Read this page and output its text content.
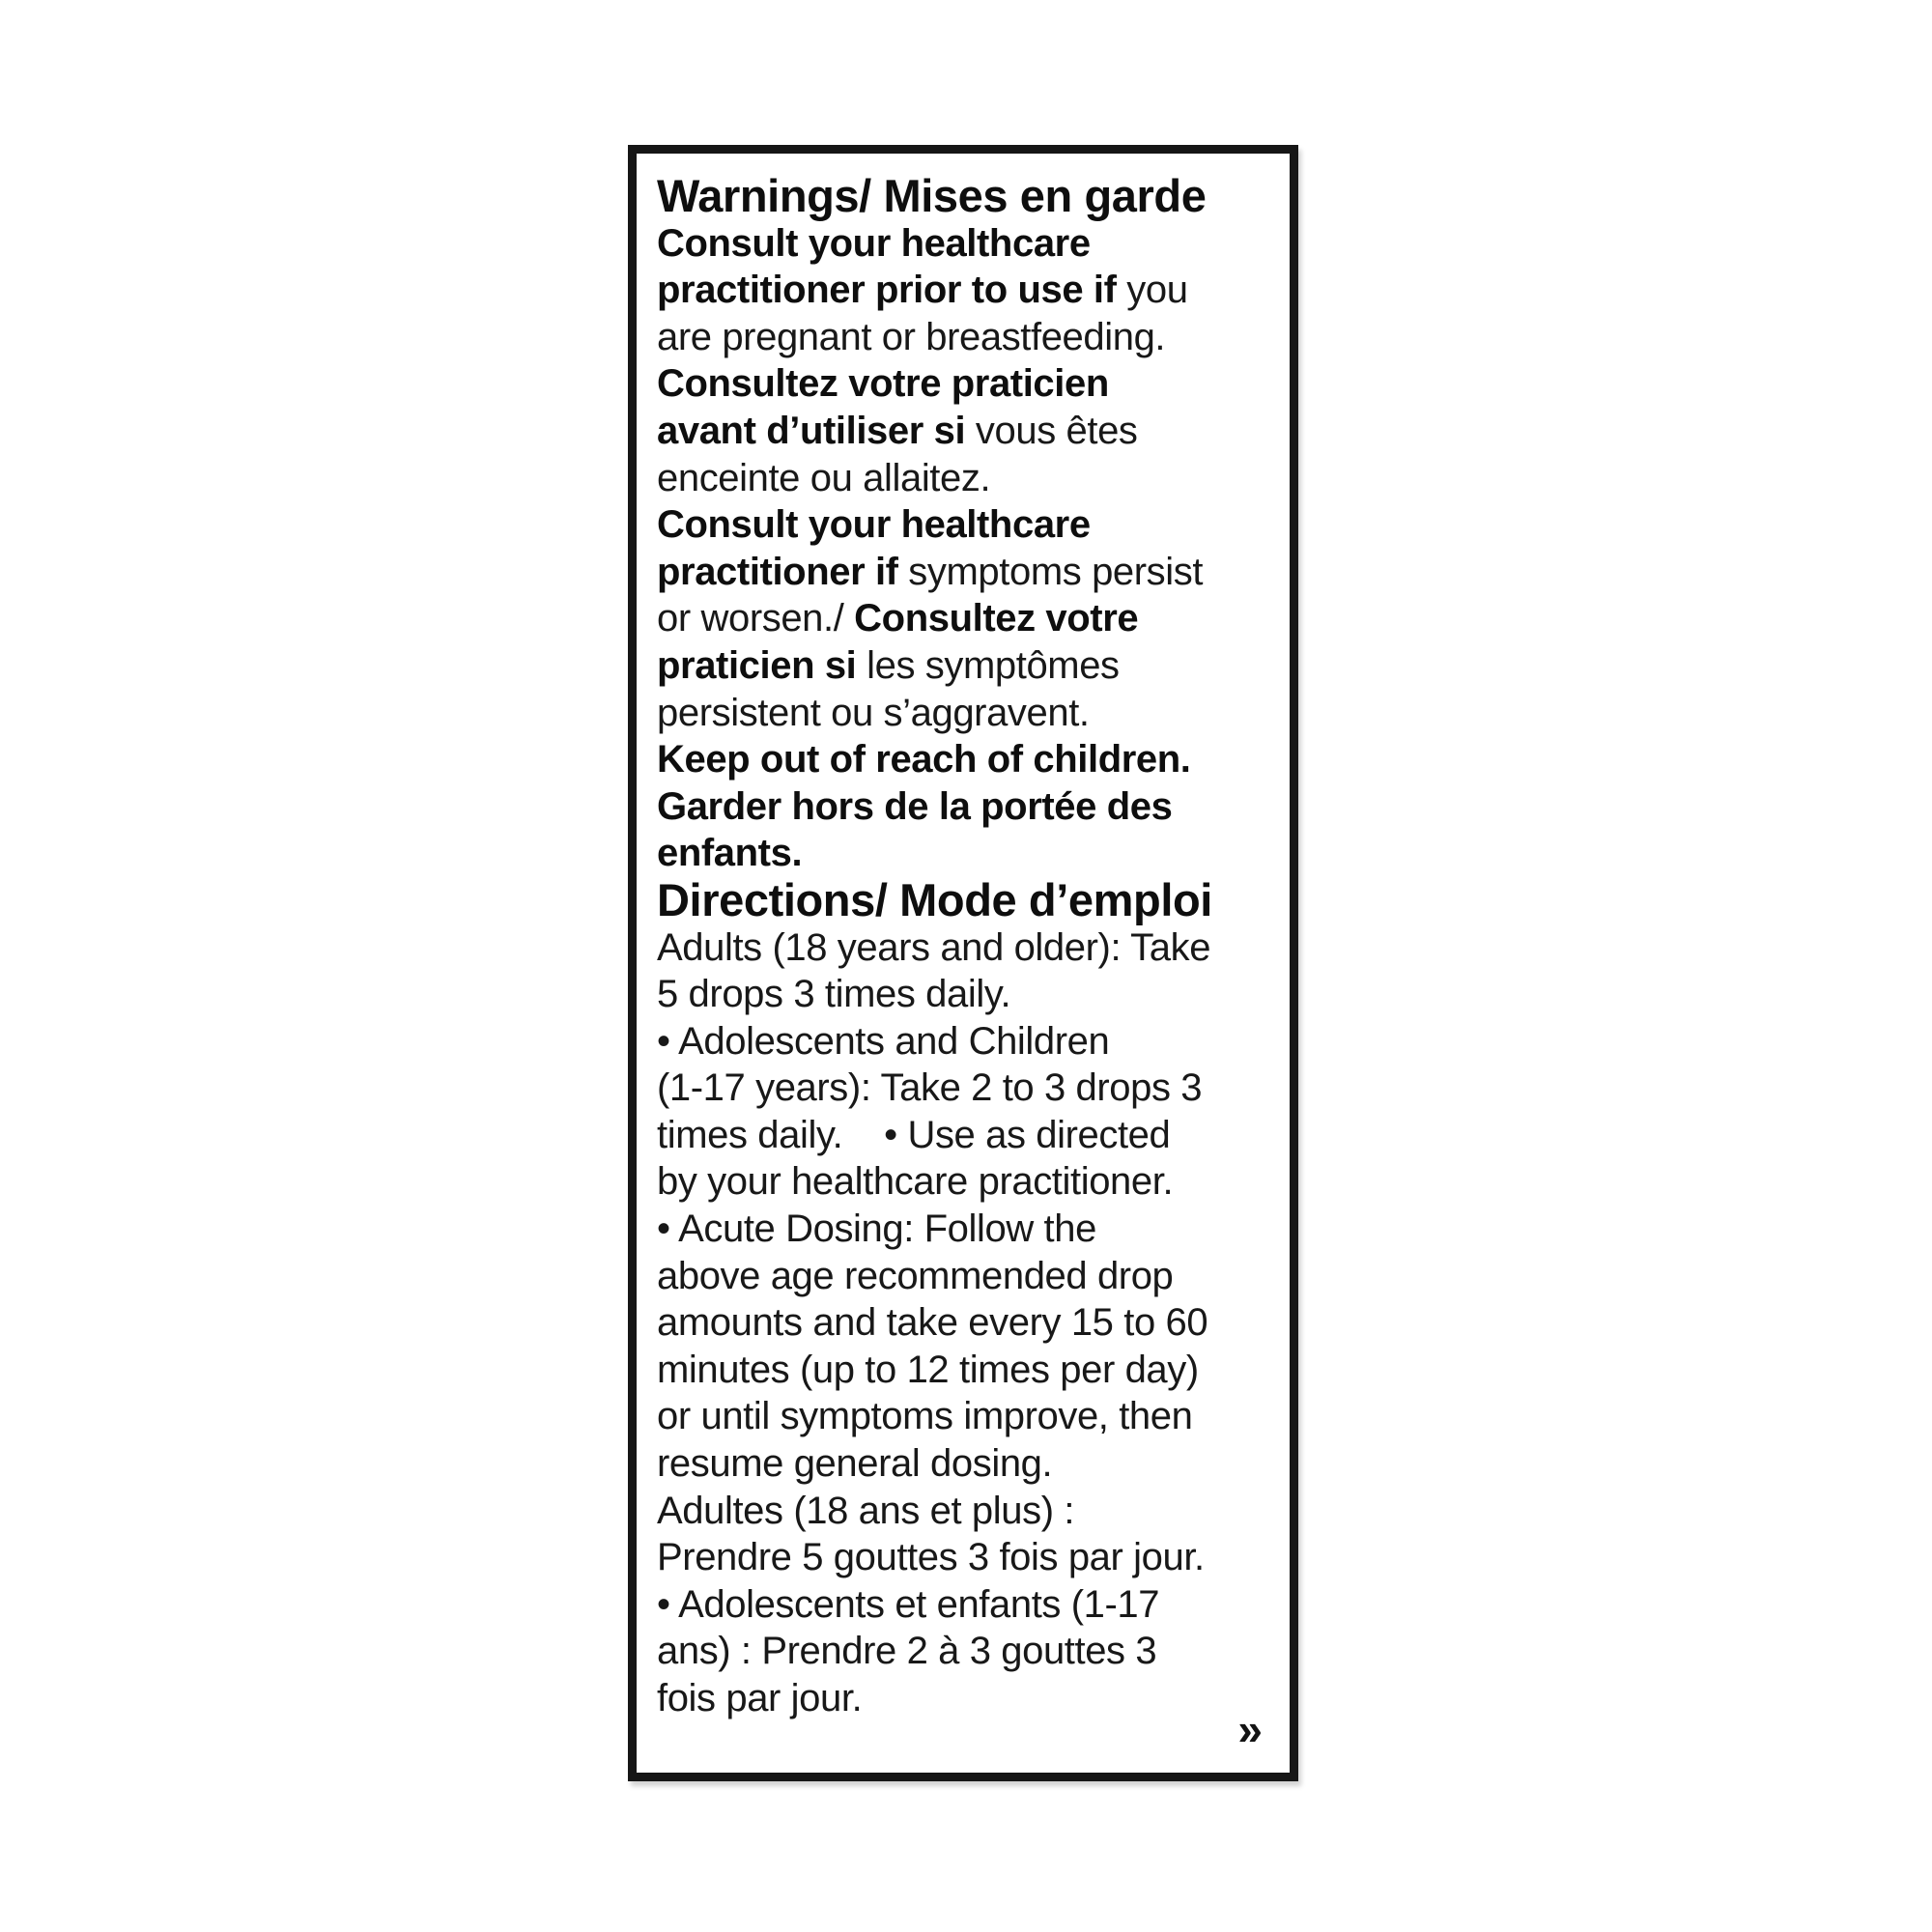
Warnings/ Mises en garde
Consult your healthcare
practitioner prior to use if you
are pregnant or breastfeeding.
Consultez votre praticien
avant d’utiliser si vous êtes
enceinte ou allaitez.
Consult your healthcare
practitioner if symptoms persist
or worsen./ Consultez votre
praticien si les symptômes
persistent ou s’aggravent.
Keep out of reach of children.
Garder hors de la portée des
enfants.
Directions/ Mode d’emploi
Adults (18 years and older): Take
5 drops 3 times daily.
• Adolescents and Children
(1-17 years): Take 2 to 3 drops 3
times daily.    • Use as directed
by your healthcare practitioner.
• Acute Dosing: Follow the
above age recommended drop
amounts and take every 15 to 60
minutes (up to 12 times per day)
or until symptoms improve, then
resume general dosing.
Adultes (18 ans et plus) :
Prendre 5 gouttes 3 fois par jour.
• Adolescents et enfants (1-17
ans) : Prendre 2 à 3 gouttes 3
fois par jour.
»
